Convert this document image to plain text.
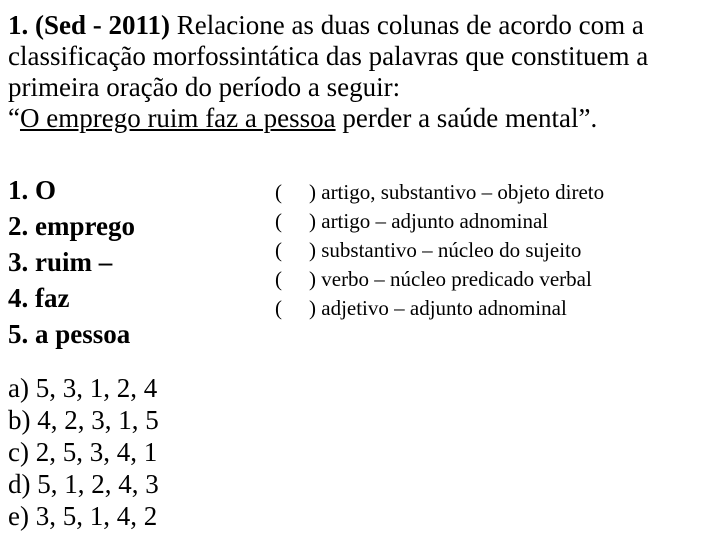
1. (Sed - 2011) Relacione as duas colunas de acordo com a
classificação morfossintática das palavras que constituem a
primeira oração do período a seguir:
“O emprego ruim faz a pessoa perder a saúde mental”.
1. O
2. emprego
3. ruim –
4. faz
5. a pessoa
(	) artigo, substantivo – objeto direto
(	) artigo – adjunto adnominal
(	) substantivo – núcleo do sujeito
(	) verbo – núcleo predicado verbal
(	) adjetivo – adjunto adnominal
a) 5, 3, 1, 2, 4
b) 4, 2, 3, 1, 5
c) 2, 5, 3, 4, 1
d) 5, 1, 2, 4, 3
e) 3, 5, 1, 4, 2
